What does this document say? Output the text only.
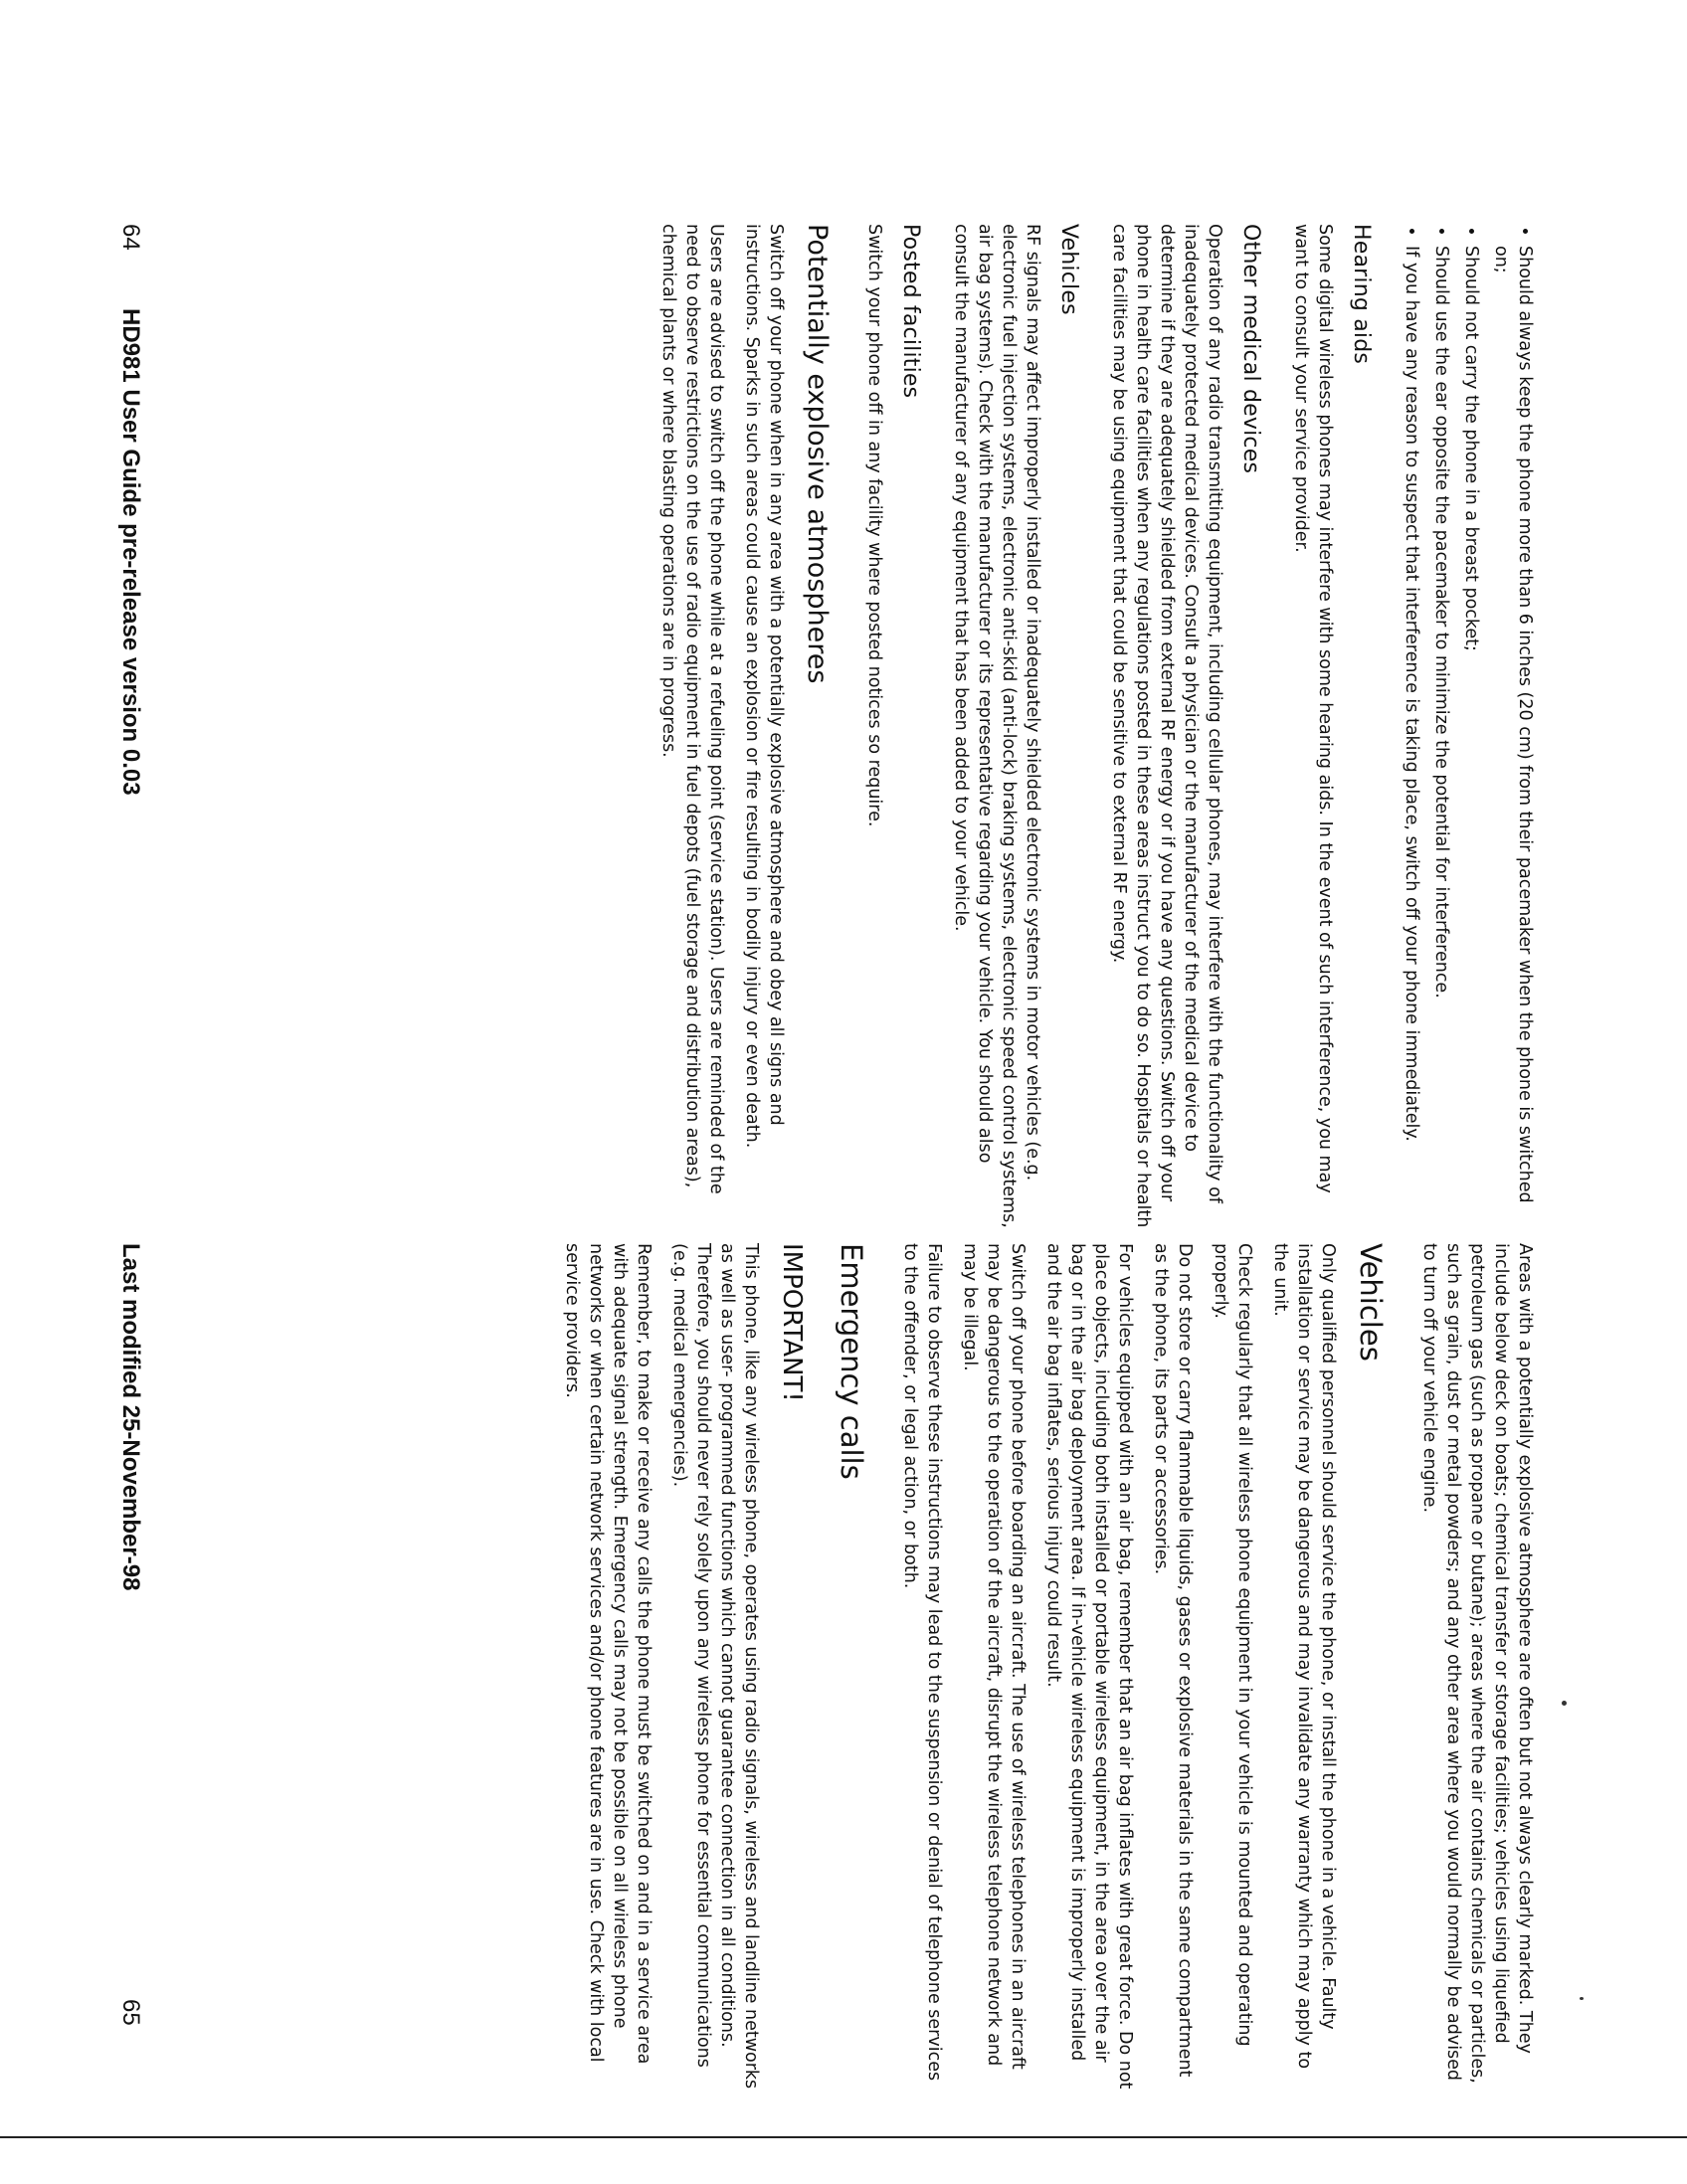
Areas with a potentially explosive atmosphere are often but not always clearly marked. They include below deck on boats; chemical transfer or storage facilities; vehicles using liquefied petroleum gas (such as propane or butane); areas where the air contains chemicals or particles, such as grain, dust or metal powders; and any other area where you would normally be advised to turn off your vehicle engine.

Vehicles

Only qualified personnel should service the phone, or install the phone in a vehicle. Faulty installation or service may be dangerous and may invalidate any warranty which may apply to the unit.

Check regularly that all wireless phone equipment in your vehicle is mounted and operating properly.

Do not store or carry flammable liquids, gases or explosive materials in the same compartment as the phone, its parts or accessories.

For vehicles equipped with an air bag, remember that an air bag inflates with great force. Do not place objects, including both installed or portable wireless equipment, in the area over the air bag or in the air bag deployment area. If in-vehicle wireless equipment is improperly installed and the air bag inflates, serious injury could result.

Switch off your phone before boarding an aircraft. The use of wireless telephones in an aircraft may be dangerous to the operation of the aircraft, disrupt the wireless telephone network and may be illegal.

Failure to observe these instructions may lead to the suspension or denial of telephone services to the offender, or legal action, or both.

Emergency calls
IMPORTANT!

This phone, like any wireless phone, operates using radio signals, wireless and landline networks as well as user- programmed functions which cannot guarantee connection in all conditions. Therefore, you should never rely solely upon any wireless phone for essential communications (e.g. medical emergencies).

Remember, to make or receive any calls the phone must be switched on and in a service area with adequate signal strength. Emergency calls may not be possible on all wireless phone networks or when certain network services and/or phone features are in use. Check with local service providers.

Last modified 25-November-98
65
• Should always keep the phone more than 6 inches (20 cm) from their pacemaker when the phone is switched on;
• Should not carry the phone in a breast pocket;
• Should use the ear opposite the pacemaker to minimize the potential for interference.
• If you have any reason to suspect that interference is taking place, switch off your phone immediately.
Hearing aids

Some digital wireless phones may interfere with some hearing aids. In the event of such interference, you may want to consult your service provider.

Other medical devices

Operation of any radio transmitting equipment, including cellular phones, may interfere with the functionality of inadequately protected medical devices. Consult a physician or the manufacturer of the medical device to determine if they are adequately shielded from external RF energy or if you have any questions. Switch off your phone in health care facilities when any regulations posted in these areas instruct you to do so. Hospitals or health care facilities may be using equipment that could be sensitive to external RF energy.

Vehicles

RF signals may affect improperly installed or inadequately shielded electronic systems in motor vehicles (e.g. electronic fuel injection systems, electronic anti-skid (anti-lock) braking systems, electronic speed control systems, air bag systems). Check with the manufacturer or its representative regarding your vehicle. You should also consult the manufacturer of any equipment that has been added to your vehicle.

Posted facilities

Switch your phone off in any facility where posted notices so require.

Potentially explosive atmospheres

Switch off your phone when in any area with a potentially explosive atmosphere and obey all signs and instructions. Sparks in such areas could cause an explosion or fire resulting in bodily injury or even death.

Users are advised to switch off the phone while at a refueling point (service station). Users are reminded of the need to observe restrictions on the use of radio equipment in fuel depots (fuel storage and distribution areas), chemical plants or where blasting operations are in progress.

64
HD981 User Guide pre-release version 0.03
